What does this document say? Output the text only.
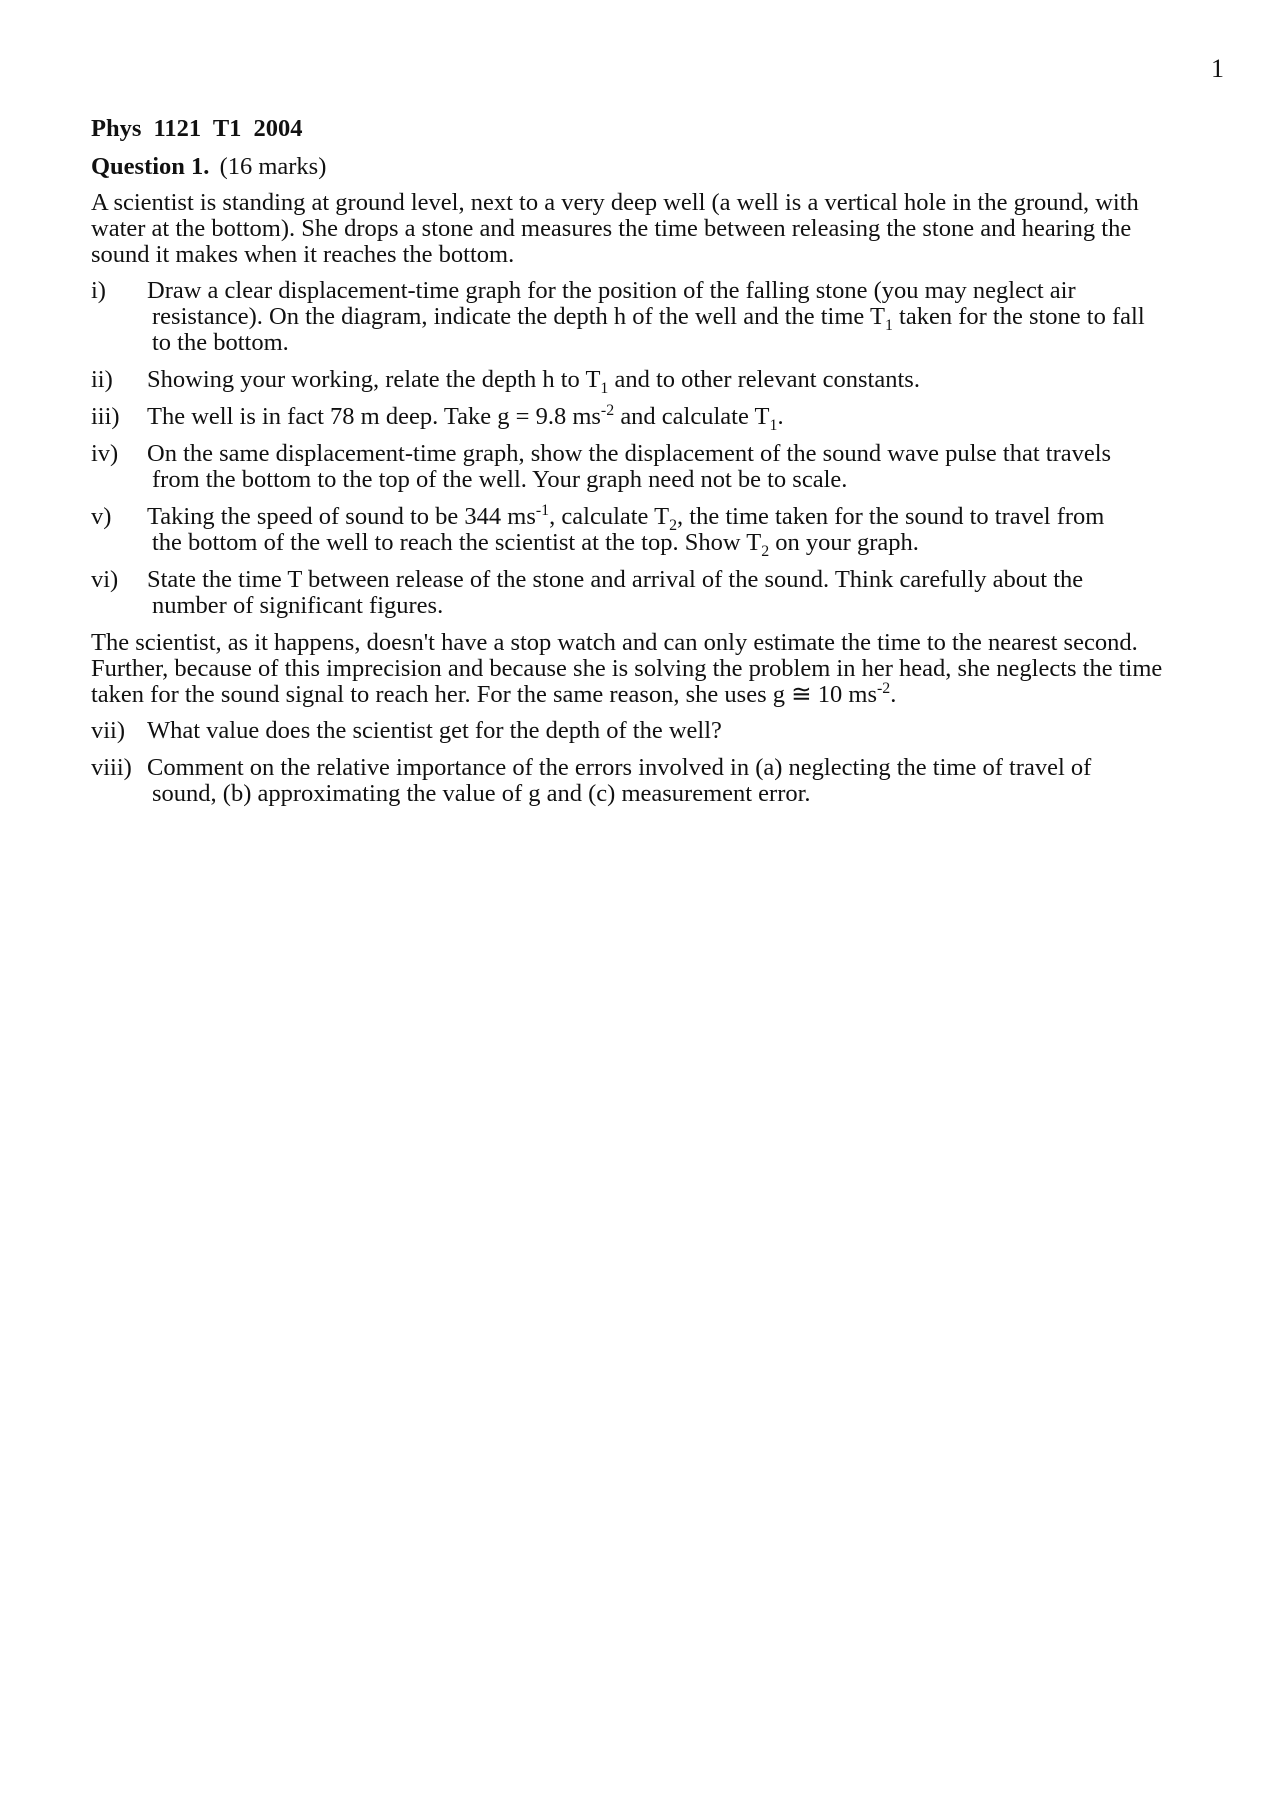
1
Phys 1121 T1 2004
Question 1. (16 marks)
A scientist is standing at ground level, next to a very deep well (a well is a vertical hole in the ground, with water at the bottom). She drops a stone and measures the time between releasing the stone and hearing the sound it makes when it reaches the bottom.
i)	Draw a clear displacement-time graph for the position of the falling stone (you may neglect air
resistance). On the diagram, indicate the depth h of the well and the time $T_1$ taken for the stone to fall
to the bottom.
ii)	Showing your working, relate the depth h to $T_1$ and to other relevant constants.
iii)	The well is in fact 78 m deep. Take g = 9.8 $ms^{-2}$ and calculate $T_1$.
iv)	On the same displacement-time graph, show the displacement of the sound wave pulse that travels
from the bottom to the top of the well. Your graph need not be to scale.
v)	Taking the speed of sound to be 344 $ms^{-1}$, calculate $T_2$, the time taken for the sound to travel from
the bottom of the well to reach the scientist at the top. Show $T_2$ on your graph.
vi)	State the time T between release of the stone and arrival of the sound. Think carefully about the
number of significant figures.
The scientist, as it happens, doesn't have a stop watch and can only estimate the time to the nearest second. Further, because of this imprecision and because she is solving the problem in her head, she neglects the time taken for the sound signal to reach her. For the same reason, she uses g ≅ 10 $ms^{-2}$.
vii) What value does the scientist get for the depth of the well?
viii) Comment on the relative importance of the errors involved in (a) neglecting the time of travel of
sound, (b) approximating the value of g and (c) measurement error.
